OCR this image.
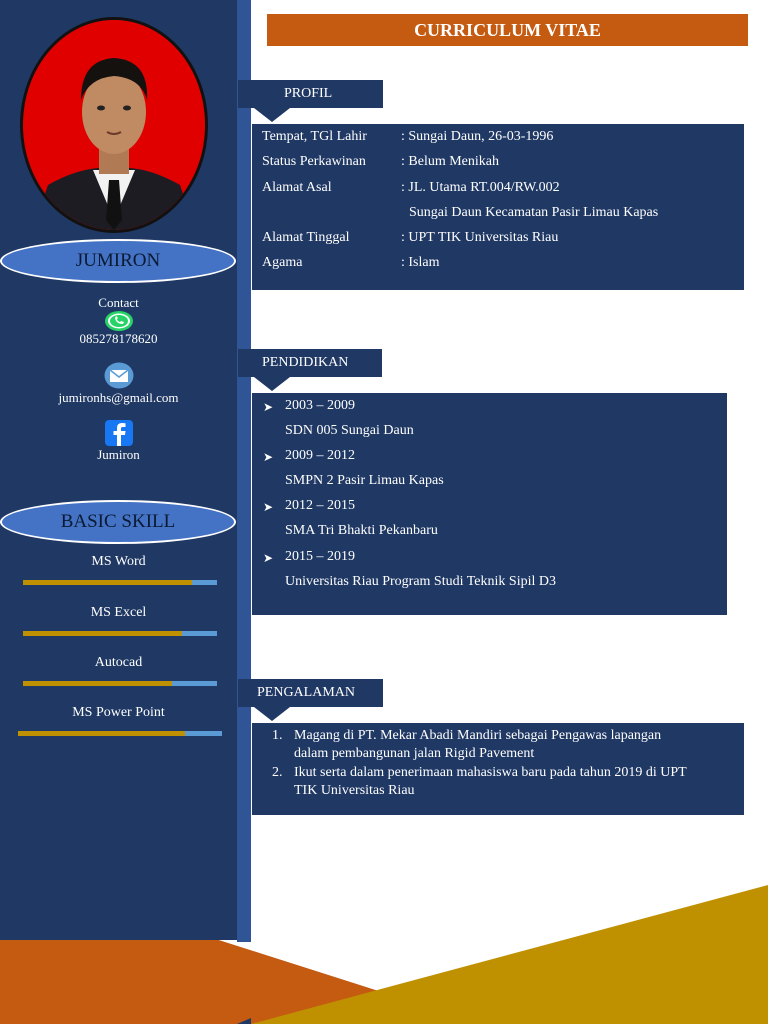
JUMIRON
Contact
085278178620
jumironhs@gmail.com
Jumiron
BASIC SKILL
MS Word
MS Excel
Autocad
MS Power Point
CURRICULUM VITAE
PROFIL
Tempat, TGl Lahir : Sungai Daun, 26-03-1996
Status Perkawinan	: Belum Menikah
Alamat Asal	: JL. Utama RT.004/RW.002
Sungai Daun Kecamatan Pasir Limau Kapas
Alamat Tinggal	: UPT TIK Universitas Riau
Agama	: Islam
PENDIDIKAN
➤ 2003 – 2009
SDN 005 Sungai Daun
➤ 2009 – 2012
SMPN 2 Pasir Limau Kapas
➤ 2012 – 2015
SMA Tri Bhakti Pekanbaru
➤ 2015 – 2019
Universitas Riau Program Studi Teknik Sipil D3
PENGALAMAN
1. Magang di PT. Mekar Abadi Mandiri sebagai Pengawas lapangan
dalam pembangunan jalan Rigid Pavement
2. Ikut serta dalam penerimaan mahasiswa baru pada tahun 2019 di UPT
TIK Universitas Riau
